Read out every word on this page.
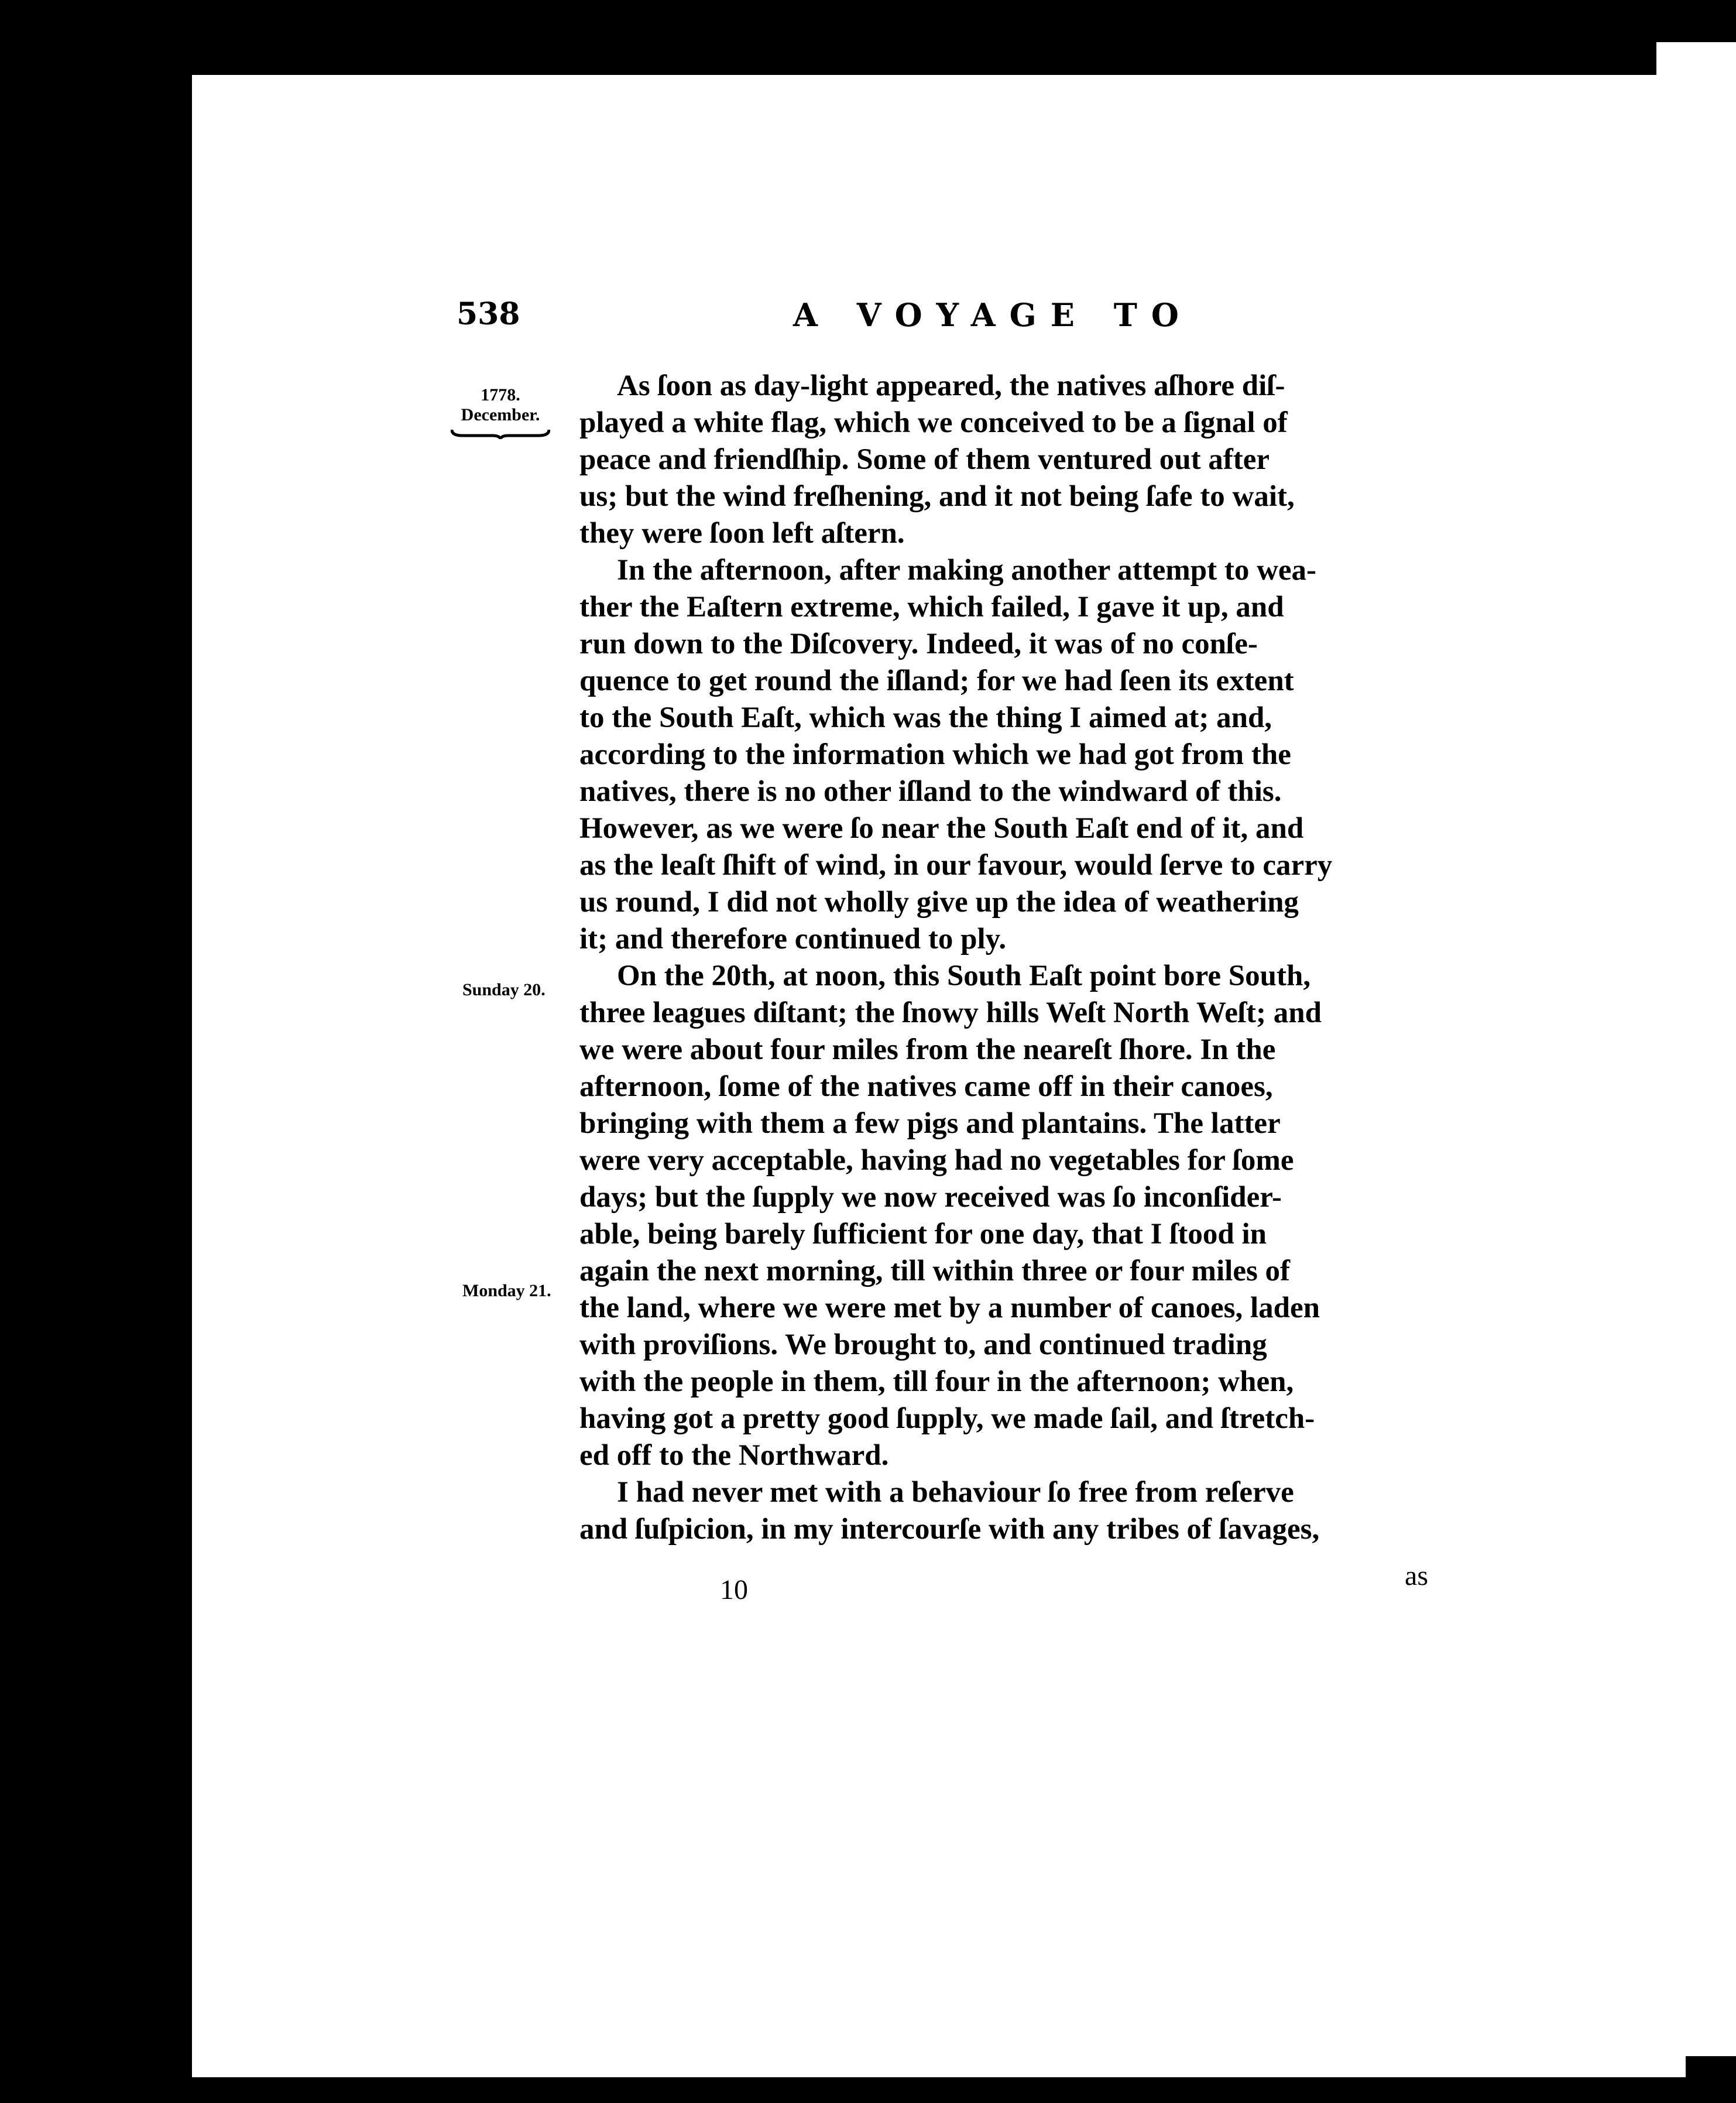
538	A VOYAGE TO
1778.
December.
Sunday 20.
Monday 21.

As ſoon as day-light appeared, the natives aſhore diſ-
played a white flag, which we conceived to be a ſignal of
peace and friendſhip. Some of them ventured out after
us; but the wind freſhening, and it not being ſafe to wait,
they were ſoon left aſtern.

In the afternoon, after making another attempt to wea-
ther the Eaſtern extreme, which failed, I gave it up, and
run down to the Diſcovery. Indeed, it was of no conſe-
quence to get round the iſland; for we had ſeen its extent
to the South Eaſt, which was the thing I aimed at; and,
according to the information which we had got from the
natives, there is no other iſland to the windward of this.
However, as we were ſo near the South Eaſt end of it, and
as the leaſt ſhift of wind, in our favour, would ſerve to carry
us round, I did not wholly give up the idea of weathering
it; and therefore continued to ply.

On the 20th, at noon, this South Eaſt point bore South,
three leagues diſtant; the ſnowy hills Weſt North Weſt; and
we were about four miles from the neareſt ſhore. In the
afternoon, ſome of the natives came off in their canoes,
bringing with them a few pigs and plantains. The latter
were very acceptable, having had no vegetables for ſome
days; but the ſupply we now received was ſo inconſider-
able, being barely ſufficient for one day, that I ſtood in
again the next morning, till within three or four miles of
the land, where we were met by a number of canoes, laden
with proviſions. We brought to, and continued trading
with the people in them, till four in the afternoon; when,
having got a pretty good ſupply, we made ſail, and ſtretch-
ed off to the Northward.

I had never met with a behaviour ſo free from reſerve
and ſuſpicion, in my intercourſe with any tribes of ſavages,

10	as
